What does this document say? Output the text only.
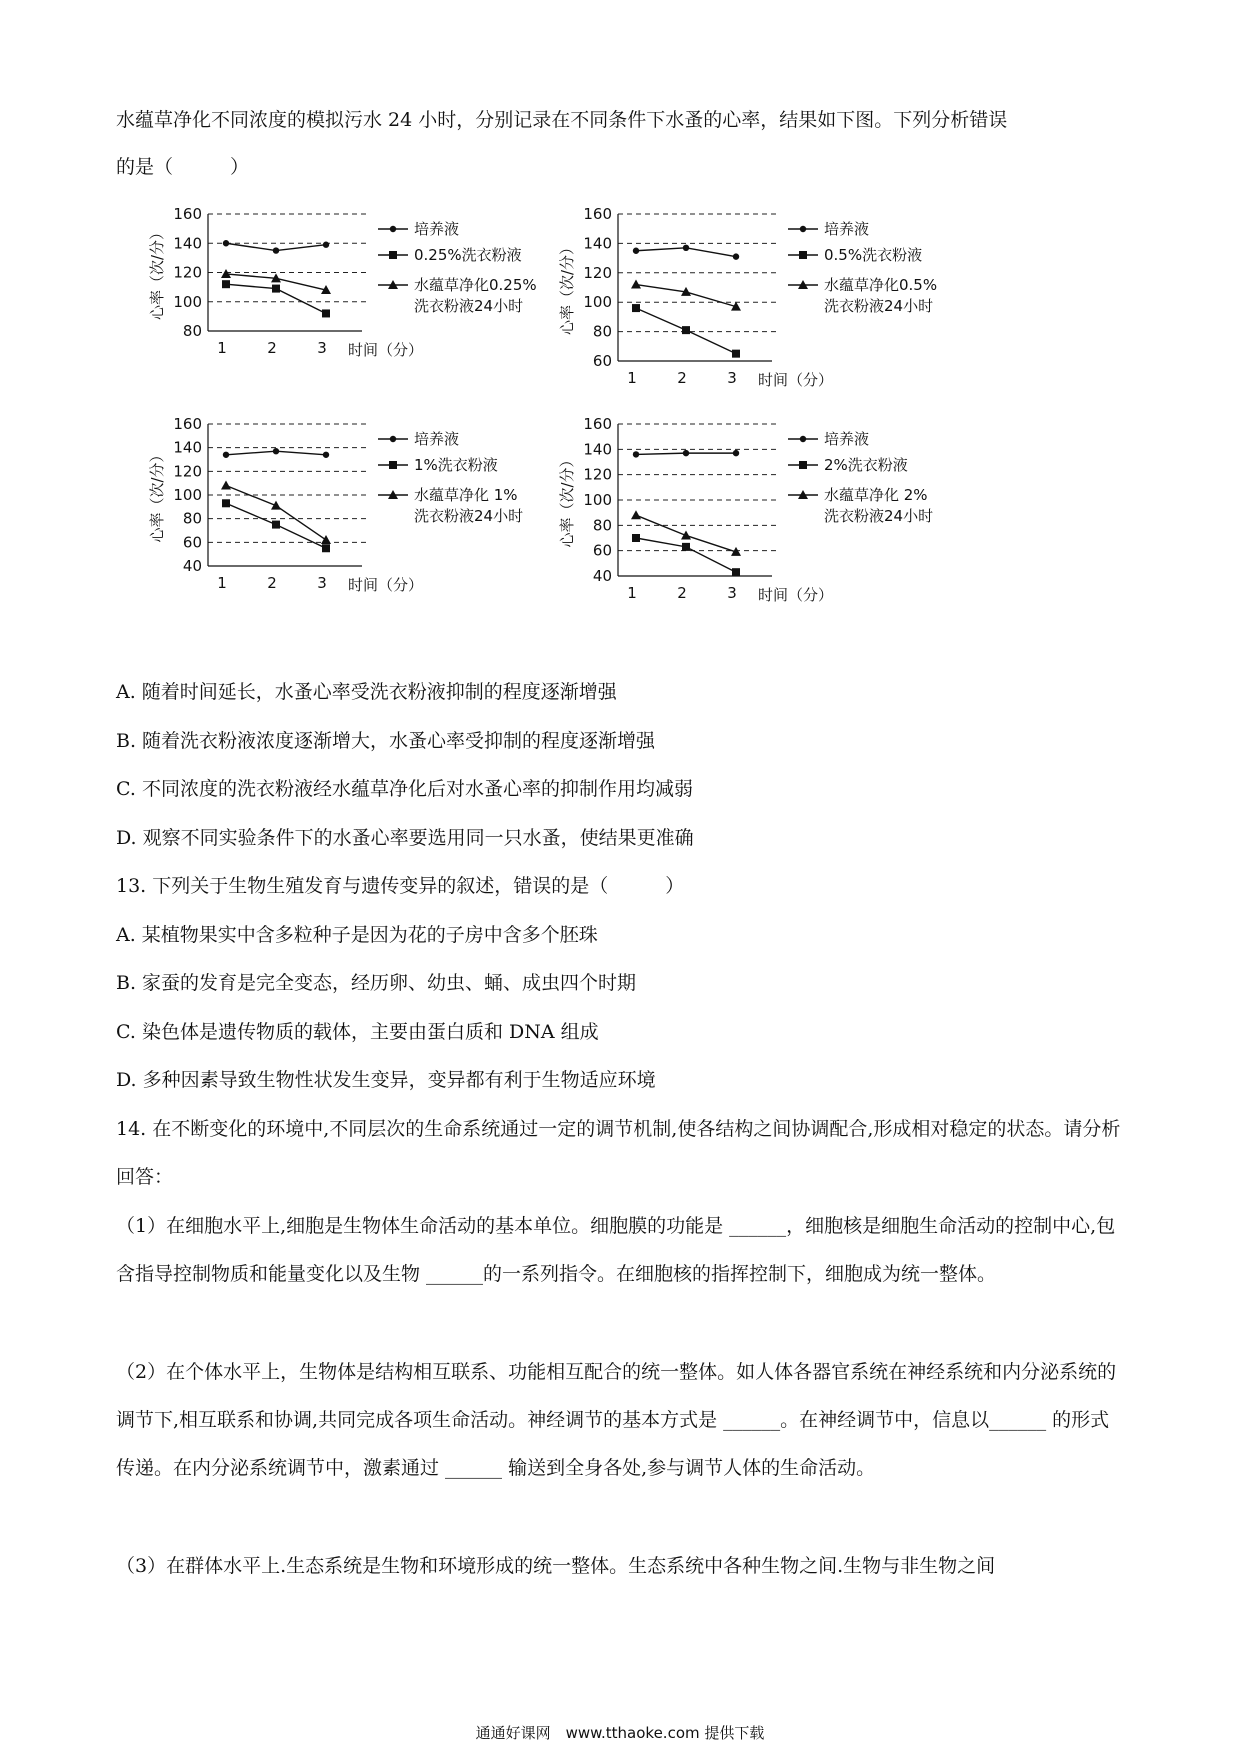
水蕴草净化不同浓度的模拟污水 24 小时，分别记录在不同条件下水蚤的心率，结果如下图。下列分析错误
的是（　　　）
心率（次/分）
80
100
120
140
160
1	2	3 时间（分）
培养液
0.25%洗衣粉液
水蕴草净化0.25%
洗衣粉液24小时 心率（次/分）
60
80
100
120
140
160
1	2	3 时间（分）
培养液
0.5%洗衣粉液
水蕴草净化0.5%
洗衣粉液24小时
心率（次/分）
40
60
80
100
120
140
160
1	2	3 时间（分）
培养液
1%洗衣粉液
水蕴草净化 1%
洗衣粉液24小时 心率（次/分）
40
60
80
100
120
140
160
1	2	3 时间（分）
培养液
2%洗衣粉液
水蕴草净化 2%
洗衣粉液24小时
A. 随着时间延长，水蚤心率受洗衣粉液抑制的程度逐渐增强
B. 随着洗衣粉液浓度逐渐增大，水蚤心率受抑制的程度逐渐增强
C. 不同浓度的洗衣粉液经水蕴草净化后对水蚤心率的抑制作用均减弱
D. 观察不同实验条件下的水蚤心率要选用同一只水蚤，使结果更准确
13. 下列关于生物生殖发育与遗传变异的叙述，错误的是（　　　）
A. 某植物果实中含多粒种子是因为花的子房中含多个胚珠
B. 家蚕的发育是完全变态，经历卵、幼虫、蛹、成虫四个时期
C. 染色体是遗传物质的载体，主要由蛋白质和 DNA 组成
D. 多种因素导致生物性状发生变异，变异都有利于生物适应环境
14. 在不断变化的环境中,不同层次的生命系统通过一定的调节机制,使各结构之间协调配合,形成相对稳定的状态。请分析回答：
（1）在细胞水平上,细胞是生物体生命活动的基本单位。细胞膜的功能是 ______，细胞核是细胞生命活动的控制中心,包含指导控制物质和能量变化以及生物 ______的一系列指令。在细胞核的指挥控制下，细胞成为统一整体。
（2）在个体水平上，生物体是结构相互联系、功能相互配合的统一整体。如人体各器官系统在神经系统和内分泌系统的调节下,相互联系和协调,共同完成各项生命活动。神经调节的基本方式是 ______。在神经调节中，信息以______ 的形式传递。在内分泌系统调节中，激素通过 ______ 输送到全身各处,参与调节人体的生命活动。
（3）在群体水平上.生态系统是生物和环境形成的统一整体。生态系统中各种生物之间.生物与非生物之间
通通好课网　www.tthaoke.com 提供下载
